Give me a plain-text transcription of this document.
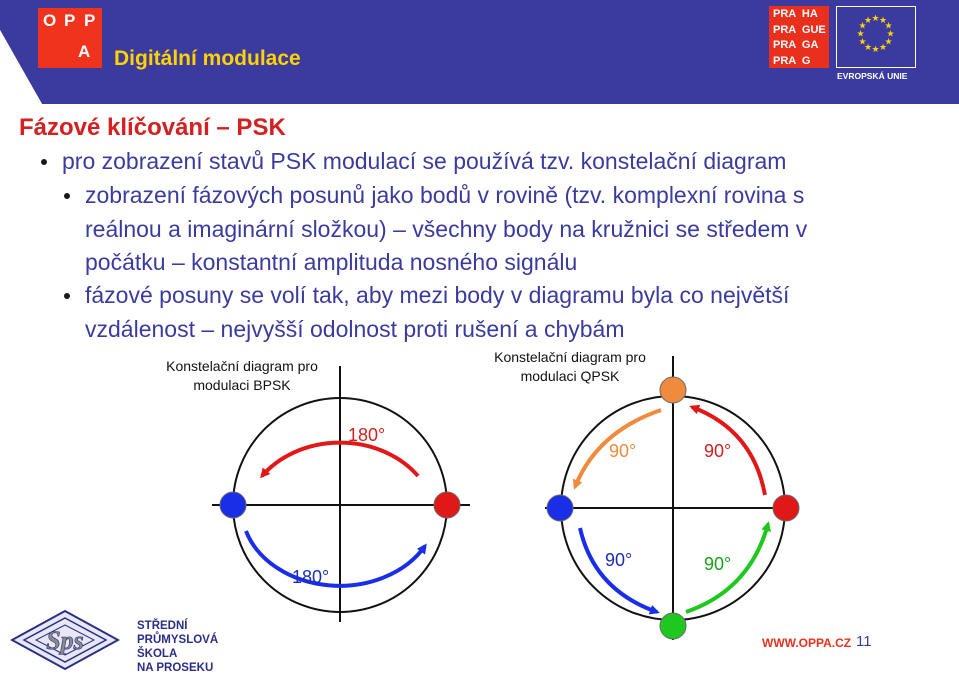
O P P
A Digitální modulace
PRA  HA
PRA  GUE
PRA  GA
PRA  G
★ ★
★
★
★
★
★
★
★
★
★
★
EVROPSKÁ UNIE
Fázové klíčování – PSK
pro zobrazení stavů PSK modulací se používá tzv. konstelační diagram
zobrazení fázových posunů jako bodů v rovině (tzv. komplexní rovina s
reálnou a imaginární složkou) – všechny body na kružnici se středem v
počátku – konstantní amplituda nosného signálu
fázové posuny se volí tak, aby mezi body v diagramu byla co největší
vzdálenost – nejvyšší odolnost proti rušení a chybám
Konstelační diagram pro
modulaci BPSK
Konstelační diagram pro
modulaci QPSK
180°
180°
90°	90°
90°	90°
Sps	STŘEDNÍ
PRŮMYSLOVÁ
ŠKOLA
NA PROSEKU
WWW.OPPA.CZ 11
